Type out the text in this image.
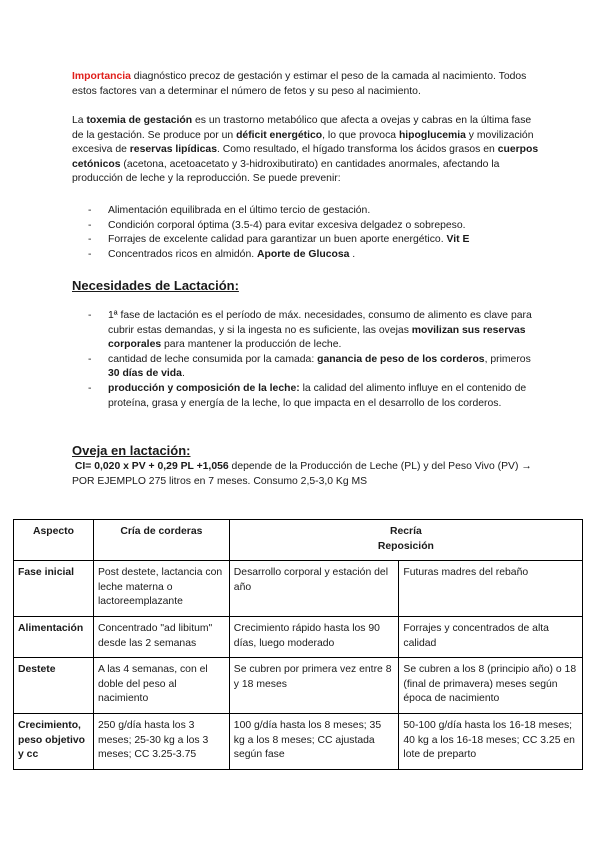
Importancia diagnóstico precoz de gestación y estimar el peso de la camada al nacimiento. Todos estos factores van a determinar el número de fetos y su peso al nacimiento.

La toxemia de gestación es un trastorno metabólico que afecta a ovejas y cabras en la última fase de la gestación. Se produce por un déficit energético, lo que provoca hipoglucemia y movilización excesiva de reservas lipídicas. Como resultado, el hígado transforma los ácidos grasos en cuerpos cetónicos (acetona, acetoacetato y 3-hidroxibutirato) en cantidades anormales, afectando la producción de leche y la reproducción. Se puede prevenir:

- Alimentación equilibrada en el último tercio de gestación.
- Condición corporal óptima (3.5-4) para evitar excesiva delgadez o sobrepeso.
- Forrajes de excelente calidad para garantizar un buen aporte energético. Vit E
- Concentrados ricos en almidón. Aporte de Glucosa .
Necesidades de Lactación:
- 1ª fase de lactación es el período de máx. necesidades, consumo de alimento es clave para cubrir estas demandas, y si la ingesta no es suficiente, las ovejas movilizan sus reservas corporales para mantener la producción de leche.
- cantidad de leche consumida por la camada: ganancia de peso de los corderos, primeros 30 días de vida.
- producción y composición de la leche: la calidad del alimento influye en el contenido de proteína, grasa y energía de la leche, lo que impacta en el desarrollo de los corderos.
Oveja en lactación:

CI= 0,020 x PV + 0,29 PL +1,056 depende de la Producción de Leche (PL) y del Peso Vivo (PV) → POR EJEMPLO 275 litros en 7 meses. Consumo 2,5-3,0 Kg MS

Aspecto	Cría de corderas	Recría
Reposición	

Fase inicial	Post destete, lactancia con leche materna o lactoreemplazante	Desarrollo corporal y estación del año	Futuras madres del rebaño
Alimentación	Concentrado "ad libitum" desde las 2 semanas	Crecimiento rápido hasta los 90 días, luego moderado	Forrajes y concentrados de alta calidad
Destete	A las 4 semanas, con el doble del peso al nacimiento	Se cubren por primera vez entre 8 y 18 meses	Se cubren a los 8 (principio año) o 18 (final de primavera) meses según época de nacimiento
Crecimiento, peso objetivo y cc	250 g/día hasta los 3 meses; 25-30 kg a los 3 meses; CC 3.25-3.75	100 g/día hasta los 8 meses; 35 kg a los 8 meses; CC ajustada según fase	50-100 g/día hasta los 16-18 meses; 40 kg a los 16-18 meses; CC 3.25 en lote de preparto
